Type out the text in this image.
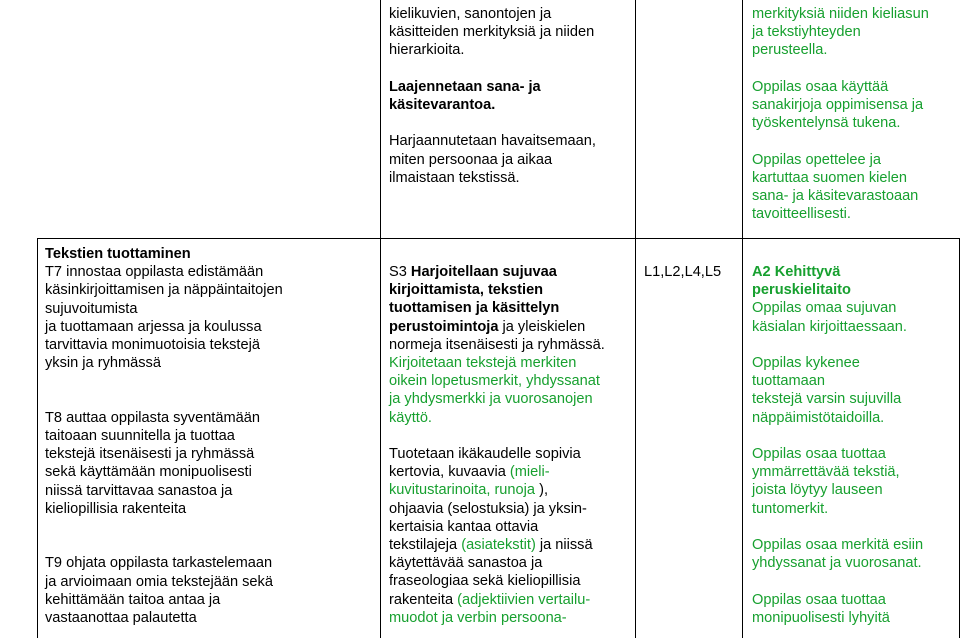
kielikuvien, sanontojen ja
käsitteiden merkityksiä ja niiden
hierarkioita.
Laajennetaan sana- ja
käsitevarantoa.
Harjaannutetaan havaitsemaan,
miten persoonaa ja aikaa
ilmaistaan tekstissä.
merkityksiä niiden kieliasun
ja tekstiyhteyden
perusteella.
Oppilas osaa käyttää
sanakirjoja oppimisensa ja
työskentelynsä tukena.
Oppilas opettelee ja
kartuttaa suomen kielen
sana- ja käsitevarastoaan
tavoitteellisesti.
Tekstien tuottaminen
T7 innostaa oppilasta edistämään
käsinkirjoittamisen ja näppäintaitojen
sujuvoitumista
ja tuottamaan arjessa ja koulussa
tarvittavia monimuotoisia tekstejä
yksin ja ryhmässä
T8 auttaa oppilasta syventämään
taitoaan suunnitella ja tuottaa
tekstejä itsenäisesti ja ryhmässä
sekä käyttämään monipuolisesti
niissä tarvittavaa sanastoa ja
kieliopillisia rakenteita
T9 ohjata oppilasta tarkastelemaan
ja arvioimaan omia tekstejään sekä
kehittämään taitoa antaa ja
vastaanottaa palautetta
S3 Harjoitellaan sujuvaa
kirjoittamista, tekstien
tuottamisen ja käsittelyn
perustoimintoja ja yleiskielen
normeja itsenäisesti ja ryhmässä.
Kirjoitetaan tekstejä merkiten
oikein lopetusmerkit, yhdyssanat
ja yhdysmerkki ja vuorosanojen
käyttö.
Tuotetaan ikäkaudelle sopivia
kertovia, kuvaavia (mieli-
kuvitustarinoita, runoja ),
ohjaavia (selostuksia) ja yksin-
kertaisia kantaa ottavia
tekstilajeja (asiatekstit) ja niissä
käytettävää sanastoa ja
fraseologiaa sekä kieliopillisia
rakenteita (adjektiivien vertailu-
muodot ja verbin persoona-
L1,L2,L4,L5 A2 Kehittyvä
peruskielitaito
Oppilas omaa sujuvan
käsialan kirjoittaessaan.
Oppilas kykenee
tuottamaan
tekstejä varsin sujuvilla
näppäimistötaidoilla.
Oppilas osaa tuottaa
ymmärrettävää tekstiä,
joista löytyy lauseen
tuntomerkit.
Oppilas osaa merkitä esiin
yhdyssanat ja vuorosanat.
Oppilas osaa tuottaa
monipuolisesti lyhyitä
